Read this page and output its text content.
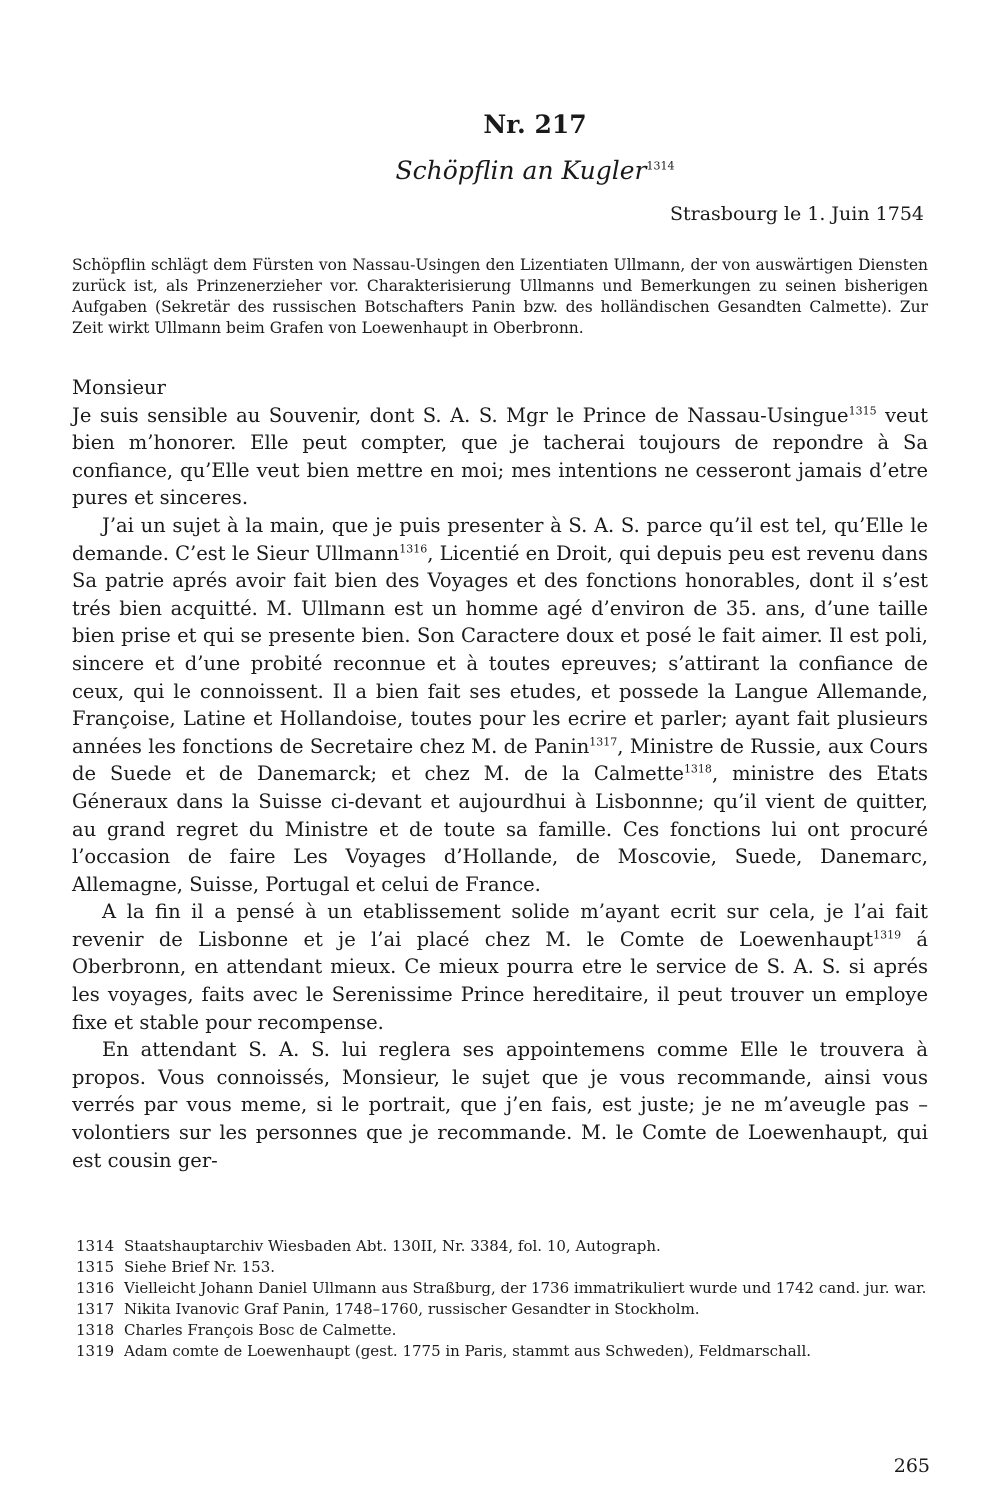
Nr. 217
Schöpflin an Kugler$^{1314}$
Strasbourg le 1. Juin 1754
Schöpflin schlägt dem Fürsten von Nassau-Usingen den Lizentiaten Ullmann, der von auswärtigen Diensten zurück ist, als Prinzenerzieher vor. Charakterisierung Ullmanns und Bemerkungen zu seinen bisherigen Aufgaben (Sekretär des russischen Botschafters Panin bzw. des holländischen Gesandten Calmette). Zur Zeit wirkt Ullmann beim Grafen von Loewenhaupt in Oberbronn.

Monsieur

Je suis sensible au Souvenir, dont S. A. S. Mgr le Prince de Nassau-Usingue$^{1315}$ veut bien m’honorer. Elle peut compter, que je tacherai toujours de repondre à Sa confiance, qu’Elle veut bien mettre en moi; mes intentions ne cesseront jamais d’etre pures et sinceres.

J’ai un sujet à la main, que je puis presenter à S. A. S. parce qu’il est tel, qu’Elle le demande. C’est le Sieur Ullmann$^{1316}$, Licentié en Droit, qui depuis peu est revenu dans Sa patrie aprés avoir fait bien des Voyages et des fonctions honorables, dont il s’est trés bien acquitté. M. Ullmann est un homme agé d’environ de 35. ans, d’une taille bien prise et qui se presente bien. Son Caractere doux et posé le fait aimer. Il est poli, sincere et d’une probité reconnue et à toutes epreuves; s’attirant la confiance de ceux, qui le connoissent. Il a bien fait ses etudes, et possede la Langue Allemande, Françoise, Latine et Hollandoise, toutes pour les ecrire et parler; ayant fait plusieurs années les fonctions de Secretaire chez M. de Panin$^{1317}$, Ministre de Russie, aux Cours de Suede et de Danemarck; et chez M. de la Calmette$^{1318}$, ministre des Etats Géneraux dans la Suisse ci-devant et aujourdhui à Lisbonnne; qu’il vient de quitter, au grand regret du Ministre et de toute sa famille. Ces fonctions lui ont procuré l’occasion de faire Les Voyages d’Hollande, de Moscovie, Suede, Danemarc, Allemagne, Suisse, Portugal et celui de France.

A la fin il a pensé à un etablissement solide m’ayant ecrit sur cela, je l’ai fait revenir de Lisbonne et je l’ai placé chez M. le Comte de Loewenhaupt$^{1319}$ á Oberbronn, en attendant mieux. Ce mieux pourra etre le service de S. A. S. si aprés les voyages, faits avec le Serenissime Prince hereditaire, il peut trouver un employe fixe et stable pour recompense.

En attendant S. A. S. lui reglera ses appointemens comme Elle le trouvera à propos. Vous connoissés, Monsieur, le sujet que je vous recommande, ainsi vous verrés par vous meme, si le portrait, que j’en fais, est juste; je ne m’aveugle pas – volontiers sur les personnes que je recommande. M. le Comte de Loewenhaupt, qui est cousin ger-

1314 Staatshauptarchiv Wiesbaden Abt. 130II, Nr. 3384, fol. 10, Autograph.
1315 Siehe Brief Nr. 153.
1316 Vielleicht Johann Daniel Ullmann aus Straßburg, der 1736 immatrikuliert wurde und 1742 cand. jur. war.
1317 Nikita Ivanovic Graf Panin, 1748–1760, russischer Gesandter in Stockholm.
1318 Charles François Bosc de Calmette.
1319 Adam comte de Loewenhaupt (gest. 1775 in Paris, stammt aus Schweden), Feldmarschall.
265
